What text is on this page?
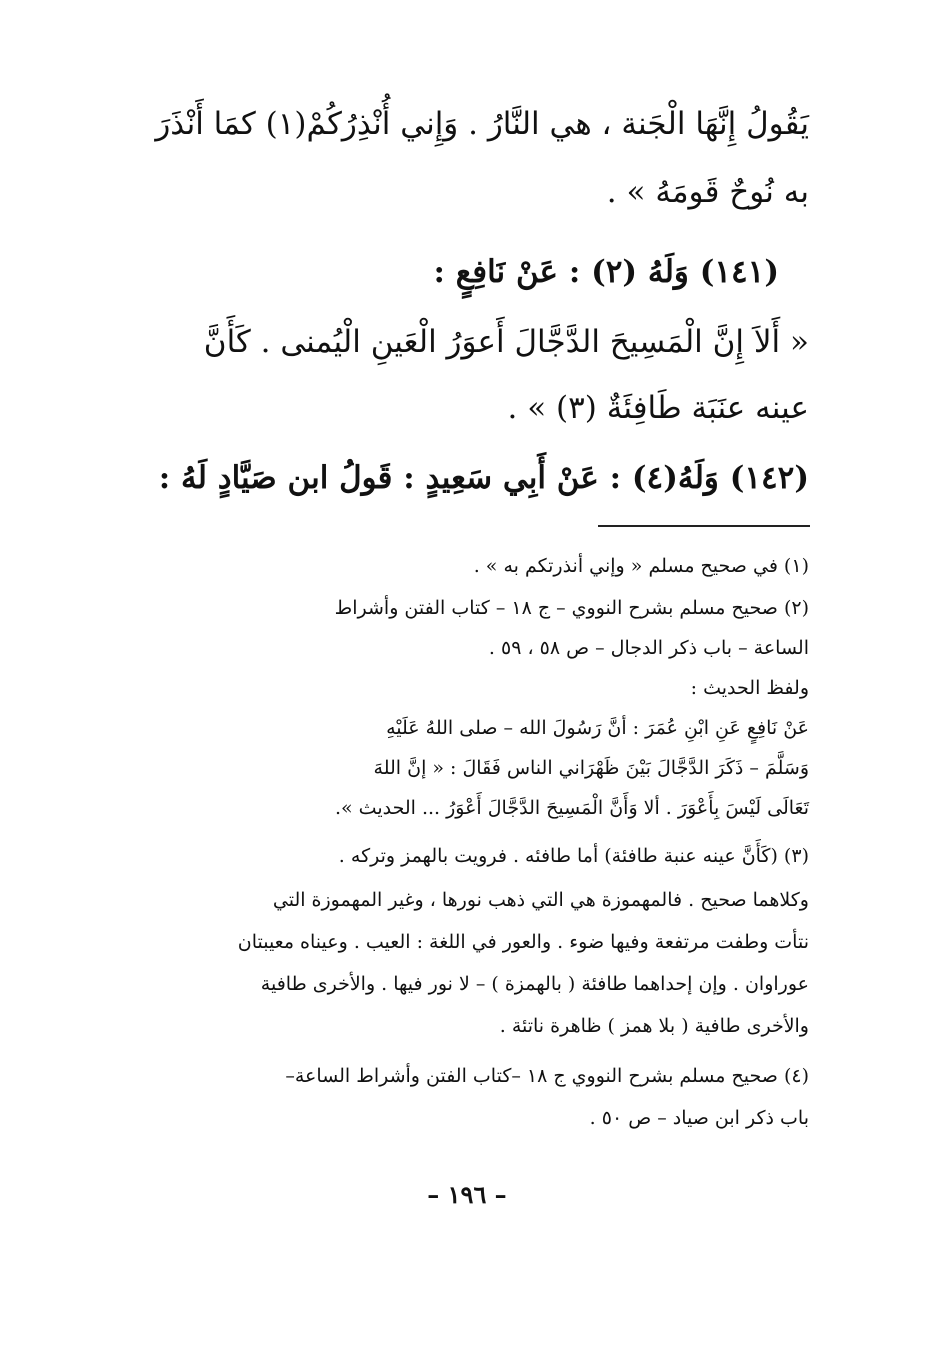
يَقُولُ إِنَّهَا الْجَنة ، هي النَّارُ . وَإِني أُنْذِرُكُمْ(١) كمَا أَنْذَرَ
به نُوحٌ قَومَهُ » .
(١٤١) وَلَهُ (٢) : عَنْ نَافِعٍ :
« أَلاَ إِنَّ الْمَسِيحَ الدَّجَّالَ أَعوَرُ الْعَينِ الْيُمنى . كَأَنَّ
عينه عنَبَة طَافِئَةٌ (٣) » .
(١٤٢) وَلَهُ(٤) : عَنْ أَبِي سَعِيدٍ : قَولُ ابن صَيَّادٍ لَهُ :
(١) في صحيح مسلم « وإني أنذرتكم به » .
(٢) صحيح مسلم بشرح النووي – ج ١٨ – كتاب الفتن وأشراط
الساعة – باب ذكر الدجال – ص ٥٨ ، ٥٩ .
ولفظ الحديث :
عَنْ نَافِعٍ عَنِ ابْنِ عُمَرَ : أنَّ رَسُولَ الله – صلى اللهُ عَلَيْهِ
وَسَلَّمَ – ذَكَرَ الدَّجَّالَ بَيْنَ ظَهْرَاني الناس فَقَالَ : « إنَّ اللهَ
تَعَالَى لَيْسَ بِأَعْوَرَ . ألا وَأَنَّ الْمَسِيحَ الدَّجَّالَ أَعْوَرُ ... الحديث ».
(٣) (كَأَنَّ عينه عنبة طافئة) أما طافئه . فرويت بالهمز وتركه .
وكلاهما صحيح . فالمهموزة هي التي ذهب نورها ، وغير المهموزة التي
نتأت وطفت مرتفعة وفيها ضوء . والعور في اللغة : العيب . وعيناه معيبتان
عوراوان . وإن إحداهما طافئة ( بالهمزة ) – لا نور فيها . والأخرى طافية
والأخرى طافية ( بلا همز ) ظاهرة ناتئة .
(٤) صحيح مسلم بشرح النووي ج ١٨ –كتاب الفتن وأشراط الساعة–
باب ذكر ابن صياد – ص ٥٠ .
– ١٩٦ –
